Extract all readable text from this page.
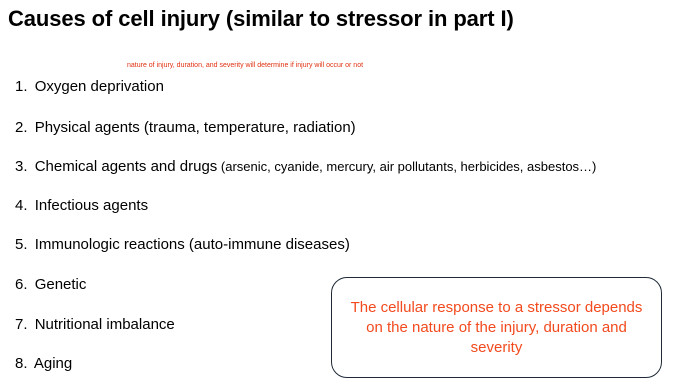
Causes of cell injury (similar to stressor in part I)
nature of injury, duration, and severity will determine if injury will occur or not
1. Oxygen deprivation
2. Physical agents (trauma, temperature, radiation)
3. Chemical agents and drugs (arsenic, cyanide, mercury, air pollutants, herbicides, asbestos…)
4. Infectious agents
5. Immunologic reactions (auto-immune diseases)
6. Genetic
7. Nutritional imbalance
8. Aging
The cellular response to a stressor depends on the nature of the injury, duration and severity
